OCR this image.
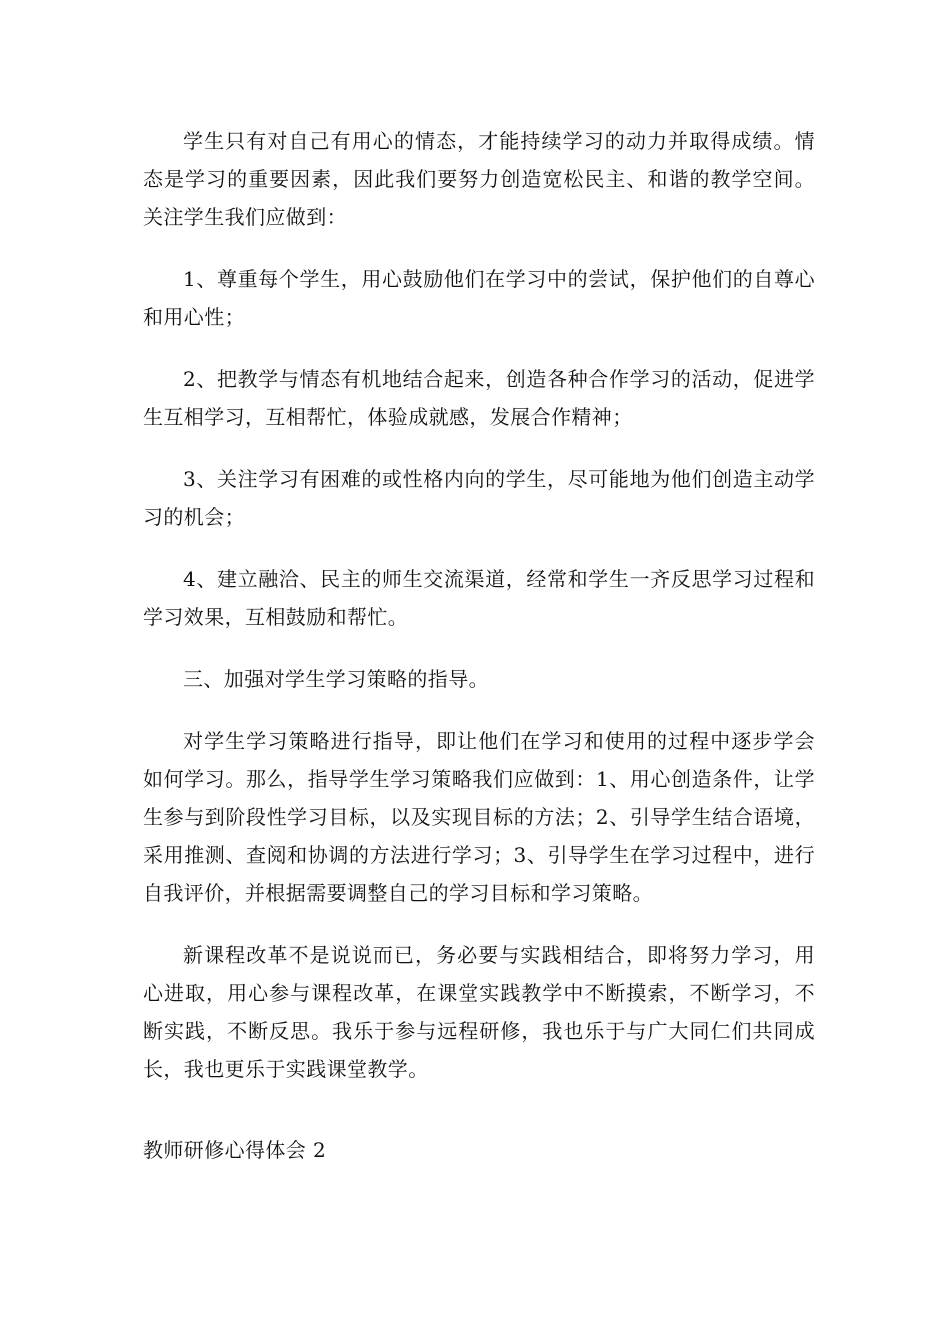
学生只有对自己有用心的情态，才能持续学习的动力并取得成绩。情态是学习的重要因素，因此我们要努力创造宽松民主、和谐的教学空间。关注学生我们应做到：

1、尊重每个学生，用心鼓励他们在学习中的尝试，保护他们的自尊心和用心性；

2、把教学与情态有机地结合起来，创造各种合作学习的活动，促进学生互相学习，互相帮忙，体验成就感，发展合作精神；

3、关注学习有困难的或性格内向的学生，尽可能地为他们创造主动学习的机会；

4、建立融洽、民主的师生交流渠道，经常和学生一齐反思学习过程和学习效果，互相鼓励和帮忙。

三、加强对学生学习策略的指导。

对学生学习策略进行指导，即让他们在学习和使用的过程中逐步学会如何学习。那么，指导学生学习策略我们应做到：1、用心创造条件，让学生参与到阶段性学习目标，以及实现目标的方法；2、引导学生结合语境，采用推测、查阅和协调的方法进行学习；3、引导学生在学习过程中，进行自我评价，并根据需要调整自己的学习目标和学习策略。

新课程改革不是说说而已，务必要与实践相结合，即将努力学习，用心进取，用心参与课程改革，在课堂实践教学中不断摸索，不断学习，不断实践，不断反思。我乐于参与远程研修，我也乐于与广大同仁们共同成长，我也更乐于实践课堂教学。

教师研修心得体会 2
